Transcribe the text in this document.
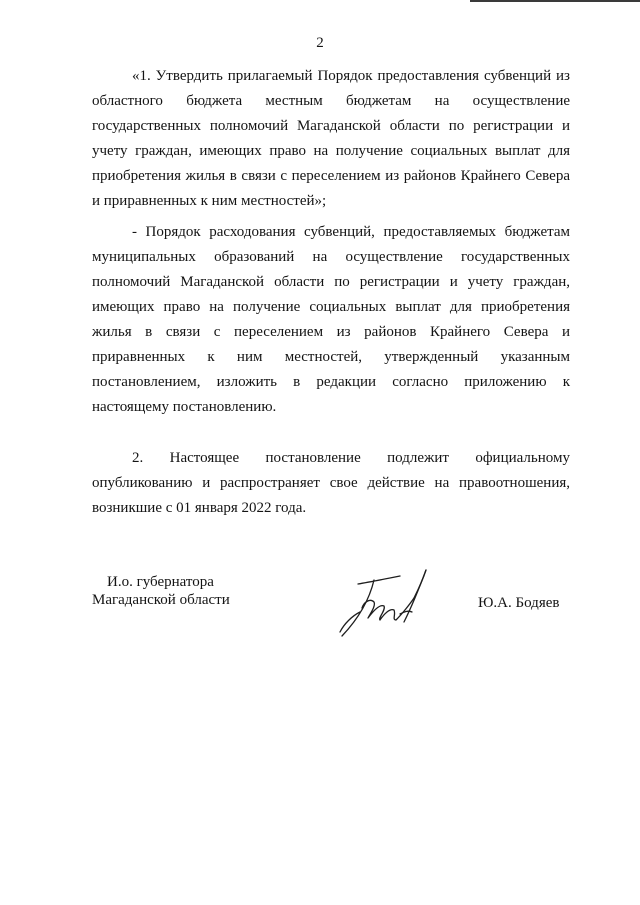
2

«1. Утвердить прилагаемый Порядок предоставления субвенций из областного бюджета местным бюджетам на осуществление государственных полномочий Магаданской области по регистрации и учету граждан, имеющих право на получение социальных выплат для приобретения жилья в связи с переселением из районов Крайнего Севера и приравненных к ним местностей»;

- Порядок расходования субвенций, предоставляемых бюджетам муниципальных образований на осуществление государственных полномочий Магаданской области по регистрации и учету граждан, имеющих право на получение социальных выплат для приобретения жилья в связи с переселением из районов Крайнего Севера и приравненных к ним местностей, утвержденный указанным постановлением, изложить в редакции согласно приложению к настоящему постановлению.

2. Настоящее постановление подлежит официальному опубликованию и распространяет свое действие на правоотношения, возникшие с 01 января 2022 года.

И.о. губернатора
Магаданской области	Ю.А. Бодяев
